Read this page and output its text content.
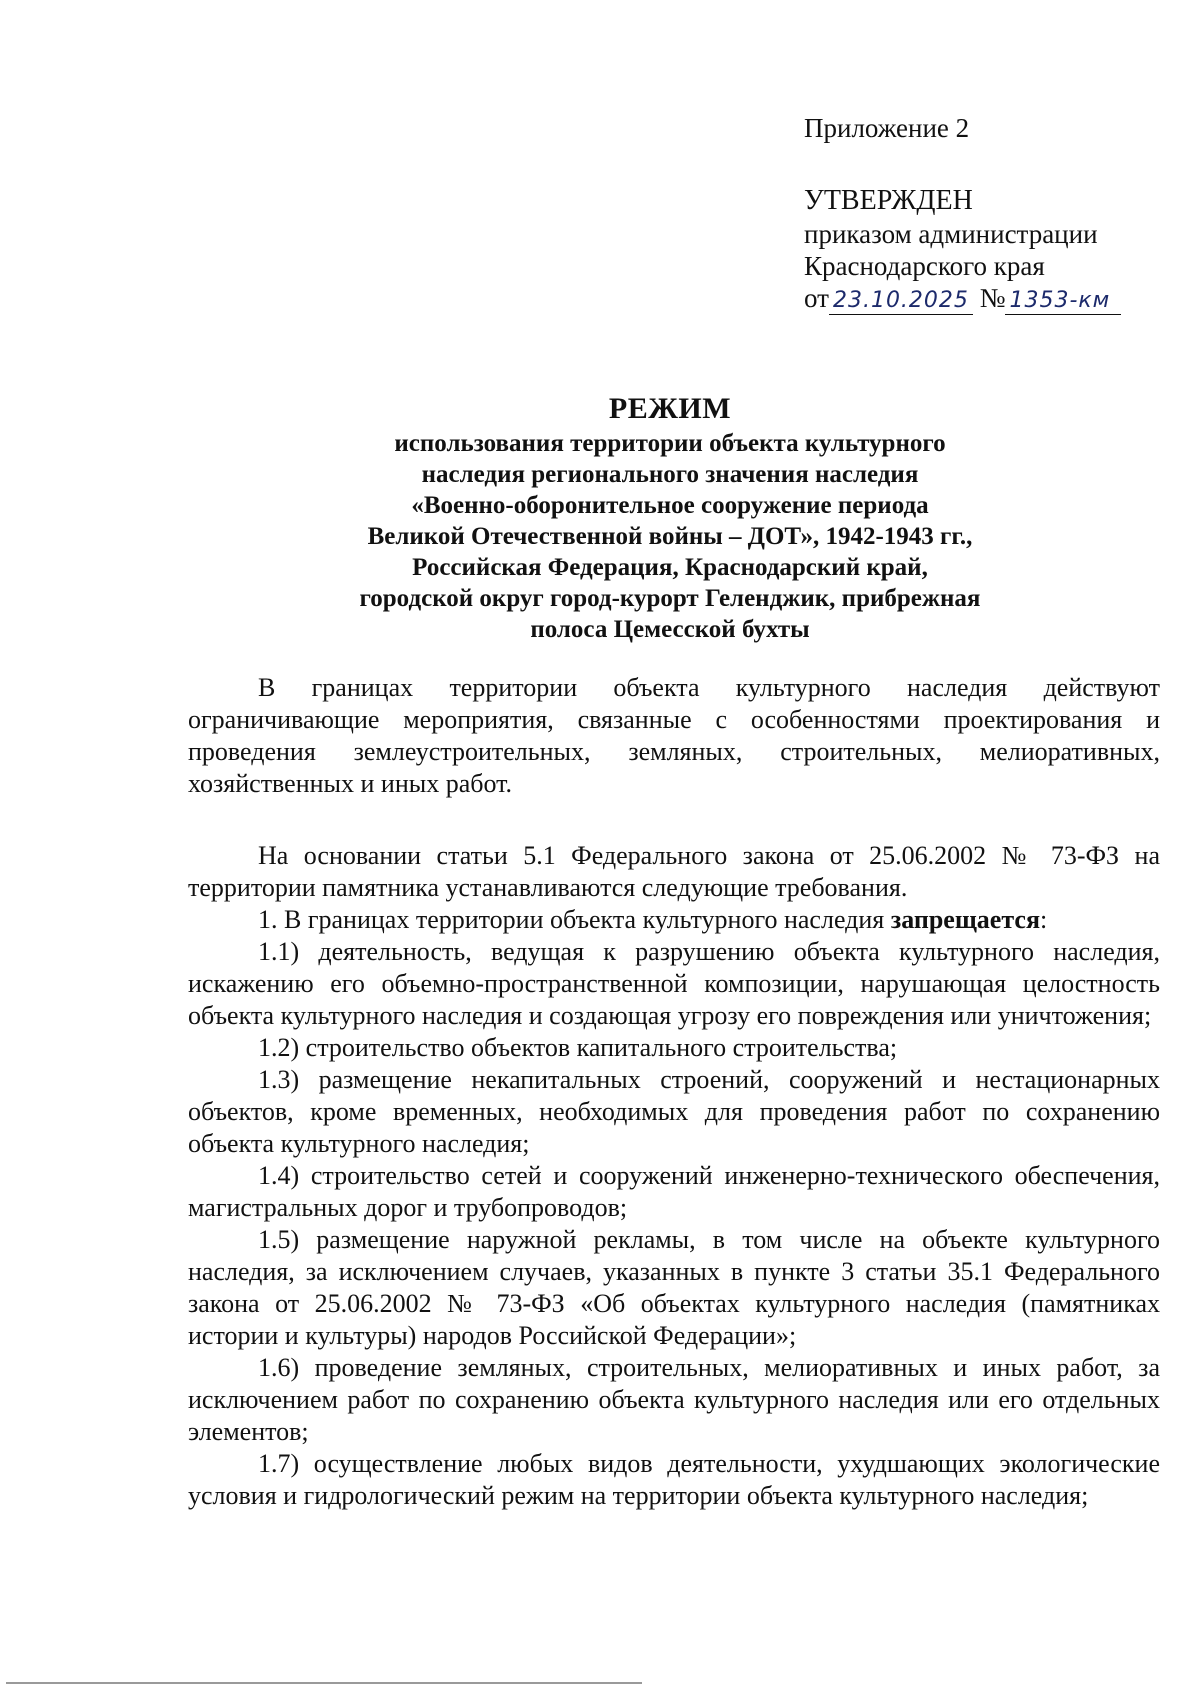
Приложение 2
УТВЕРЖДЕН
приказом администрации
Краснодарского края
от 23.10.2025 № 1353-км
РЕЖИМ
использования территории объекта культурного
наследия регионального значения наследия
«Военно-оборонительное сооружение периода
Великой Отечественной войны – ДОТ», 1942-1943 гг.,
Российская Федерация, Краснодарский край,
городской округ город-курорт Геленджик, прибрежная
полоса Цемесской бухты

В границах территории объекта культурного наследия действуют ограничивающие мероприятия, связанные с особенностями проектирования и проведения землеустроительных, земляных, строительных, мелиоративных, хозяйственных и иных работ.

На основании статьи 5.1 Федерального закона от 25.06.2002 № 73-ФЗ на территории памятника устанавливаются следующие требования.

1. В границах территории объекта культурного наследия запрещается:

1.1) деятельность, ведущая к разрушению объекта культурного наследия, искажению его объемно-пространственной композиции, нарушающая целостность объекта культурного наследия и создающая угрозу его повреждения или уничтожения;

1.2) строительство объектов капитального строительства;

1.3) размещение некапитальных строений, сооружений и нестационарных объектов, кроме временных, необходимых для проведения работ по сохранению объекта культурного наследия;

1.4) строительство сетей и сооружений инженерно-технического обеспечения, магистральных дорог и трубопроводов;

1.5) размещение наружной рекламы, в том числе на объекте культурного наследия, за исключением случаев, указанных в пункте 3 статьи 35.1 Федерального закона от 25.06.2002 № 73-ФЗ «Об объектах культурного наследия (памятниках истории и культуры) народов Российской Федерации»;

1.6) проведение земляных, строительных, мелиоративных и иных работ, за исключением работ по сохранению объекта культурного наследия или его отдельных элементов;

1.7) осуществление любых видов деятельности, ухудшающих экологические условия и гидрологический режим на территории объекта культурного наследия;
